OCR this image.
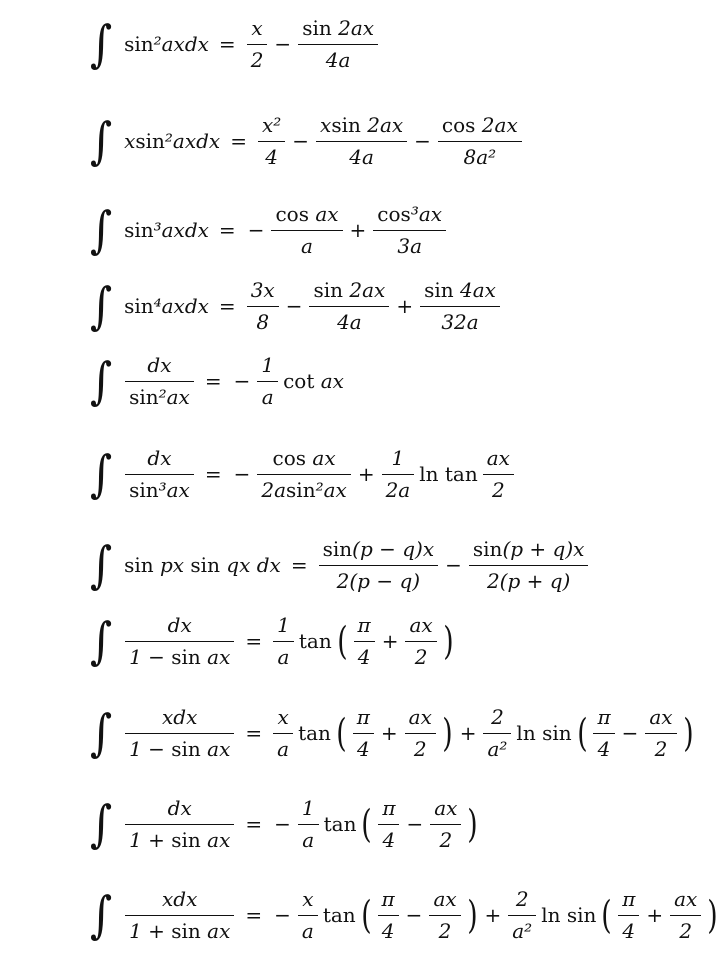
∫ sin²axdx = $\frac{x}{2} - \frac{\sin 2ax}{4a}$
∫ xsin²axdx = $\frac{\text{x²}}{4} - \frac{xsin 2ax}{4a} - \frac{\cos 2ax}{\text{8a²}}$
∫ sin³axdx = − $\frac{\text{cos ax}}{a} + \frac{\text{cos³ax}}{3a}$
∫ sin⁴axdx = $\frac{3x}{8} - \frac{\sin 2ax}{4a} + \frac{\sin 4ax}{32a}$
∫ $\frac{dx}{\text{sin²ax}}$ = − $\frac{1}{a}$ cot ax
∫ $\frac{dx}{\text{sin³ax}}$ = − $\frac{\text{cos ax}}{\text{2asin²ax}} + \frac{1}{2a}$ $\ln \tan \frac{ax}{2}$
∫ sin px sin qx dx = $\frac{\sin(p - q)x}{2(p - q)} - \frac{\sin(p + q)x}{2(p + q)}$
∫ $\frac{dx}{\text{1 − sin ax}} = \frac{1}{a}$ tan ( $\frac{\pi}{4} + \frac{ax}{2}$ )
∫ $\frac{\text{xdx}}{\text{1 − sin ax}} = \frac{x}{a}$ tan ( $\frac{\pi}{4} + \frac{ax}{2}$ ) + $\frac{2}{\text{a²}}$ ln sin ( $\frac{\pi}{4} - \frac{ax}{2}$ )
∫ $\frac{dx}{\text{1 + sin ax}}$ = − $\frac{1}{a}$ tan ( $\frac{\pi}{4} - \frac{ax}{2}$ )
∫ $\frac{\text{xdx}}{\text{1 + sin ax}}$ = − $\frac{x}{a}$ tan ( $\frac{\pi}{4} - \frac{ax}{2}$ ) + $\frac{2}{\text{a²}}$ ln sin ( $\frac{\pi}{4} + \frac{ax}{2}$ )
